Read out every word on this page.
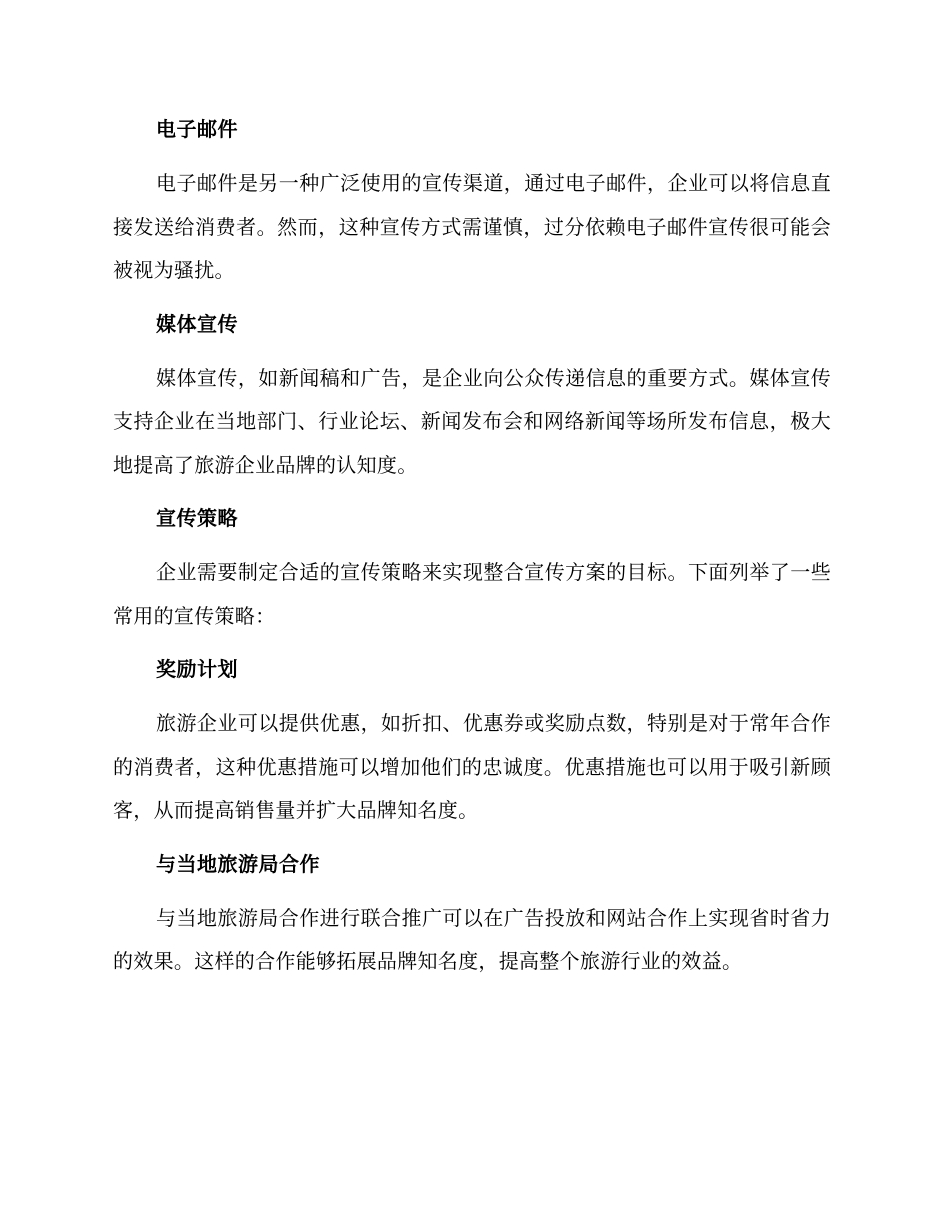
电子邮件
电子邮件是另一种广泛使用的宣传渠道，通过电子邮件，企业可以将信息直接发送给消费者。然而，这种宣传方式需谨慎，过分依赖电子邮件宣传很可能会被视为骚扰。
媒体宣传
媒体宣传，如新闻稿和广告，是企业向公众传递信息的重要方式。媒体宣传支持企业在当地部门、行业论坛、新闻发布会和网络新闻等场所发布信息，极大地提高了旅游企业品牌的认知度。
宣传策略
企业需要制定合适的宣传策略来实现整合宣传方案的目标。下面列举了一些常用的宣传策略：
奖励计划
旅游企业可以提供优惠，如折扣、优惠券或奖励点数，特别是对于常年合作的消费者，这种优惠措施可以增加他们的忠诚度。优惠措施也可以用于吸引新顾客，从而提高销售量并扩大品牌知名度。
与当地旅游局合作
与当地旅游局合作进行联合推广可以在广告投放和网站合作上实现省时省力的效果。这样的合作能够拓展品牌知名度，提高整个旅游行业的效益。
